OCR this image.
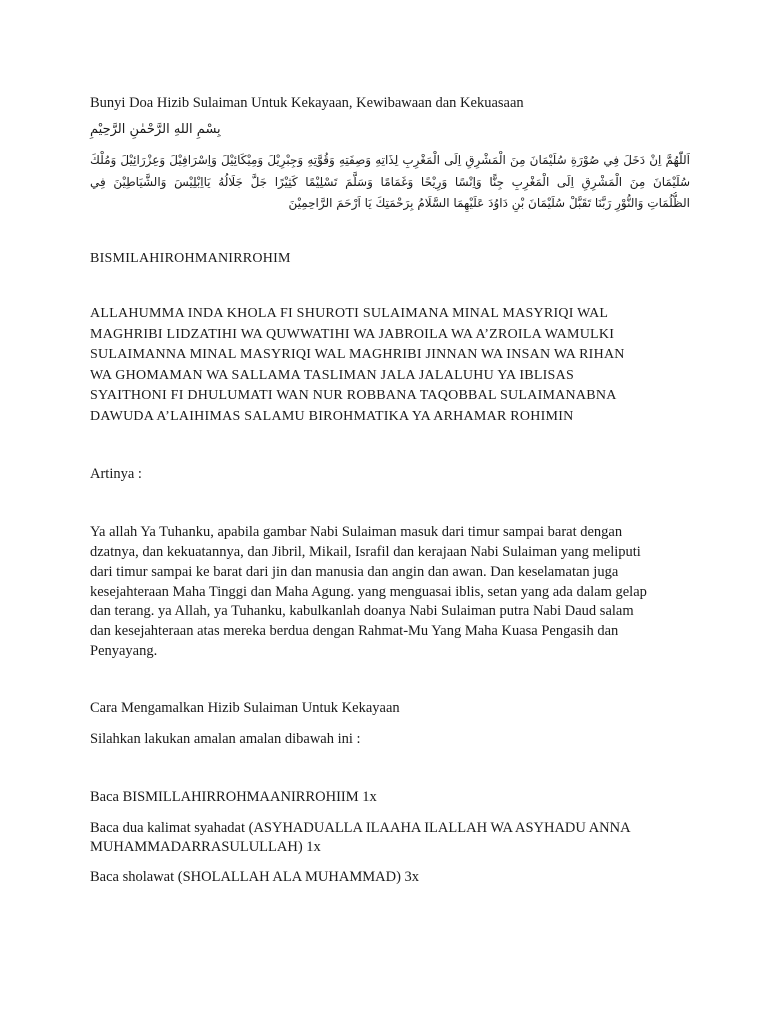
Bunyi Doa Hizib Sulaiman Untuk Kekayaan, Kewibawaan dan Kekuasaan

بِسْمِ اللهِ الرَّحْمٰنِ الرَّحِيْمِ
اَللّٰهُمَّ اِنْ دَخَلَ فِي صُوْرَةِ سُلَيْمَانَ مِنَ الْمَشْرِقِ اِلَى الْمَغْرِبِ لِذَاتِهِ وَصِفَتِهِ وَقُوَّتِهِ وَجِبْرِيْلَ وَمِيْكَائِيْلَ وَاِسْرَافِيْلَ وَعِزْرَائِيْلَ وَمُلْكَ
سُلَيْمَانَ مِنَ الْمَشْرِقِ اِلَى الْمَغْرِبِ جِنًّا وَاِنْسًا وَرِيْحًا وَغَمَامًا وَسَلَّمَ تَسْلِيْمًا كَثِيْرًا جَلَّ جَلَالُهُ يَااِبْلِيْسَ وَالشَّيَاطِيْنَ فِي
الظُّلُمَاتِ وَالنُّوْرِ رَبَّنَا تَقَبَّلْ سُلَيْمَانَ بْنِ دَاوُدَ عَلَيْهِمَا السَّلَامُ بِرَحْمَتِكَ يَا اَرْحَمَ الرَّاحِمِيْنَ

BISMILAHIROHMANIRROHIM

ALLAHUMMA INDA KHOLA FI SHUROTI SULAIMANA MINAL MASYRIQI WAL

MAGHRIBI LIDZATIHI WA QUWWATIHI WA JABROILA WA A’ZROILA WAMULKI

SULAIMANNA MINAL MASYRIQI WAL MAGHRIBI JINNAN WA INSAN WA RIHAN

WA GHOMAMAN WA SALLAMA TASLIMAN JALA JALALUHU YA IBLISAS

SYAITHONI FI DHULUMATI WAN NUR ROBBANA TAQOBBAL SULAIMANABNA

DAWUDA A’LAIHIMAS SALAMU BIROHMATIKA YA ARHAMAR ROHIMIN

Artinya :

Ya allah Ya Tuhanku, apabila gambar Nabi Sulaiman masuk dari timur sampai barat dengan

dzatnya, dan kekuatannya, dan Jibril, Mikail, Israfil dan kerajaan Nabi Sulaiman yang meliputi

dari timur sampai ke barat dari jin dan manusia dan angin dan awan. Dan keselamatan juga

kesejahteraan Maha Tinggi dan Maha Agung. yang menguasai iblis, setan yang ada dalam gelap

dan terang. ya Allah, ya Tuhanku, kabulkanlah doanya Nabi Sulaiman putra Nabi Daud salam

dan kesejahteraan atas mereka berdua dengan Rahmat-Mu Yang Maha Kuasa Pengasih dan

Penyayang.

Cara Mengamalkan Hizib Sulaiman Untuk Kekayaan

Silahkan lakukan amalan amalan dibawah ini :

Baca BISMILLAHIRROHMAANIRROHIIM 1x

Baca dua kalimat syahadat (ASYHADUALLA ILAAHA ILALLAH WA ASYHADU ANNA

MUHAMMADARRASULULLAH) 1x

Baca sholawat (SHOLALLAH ALA MUHAMMAD) 3x
